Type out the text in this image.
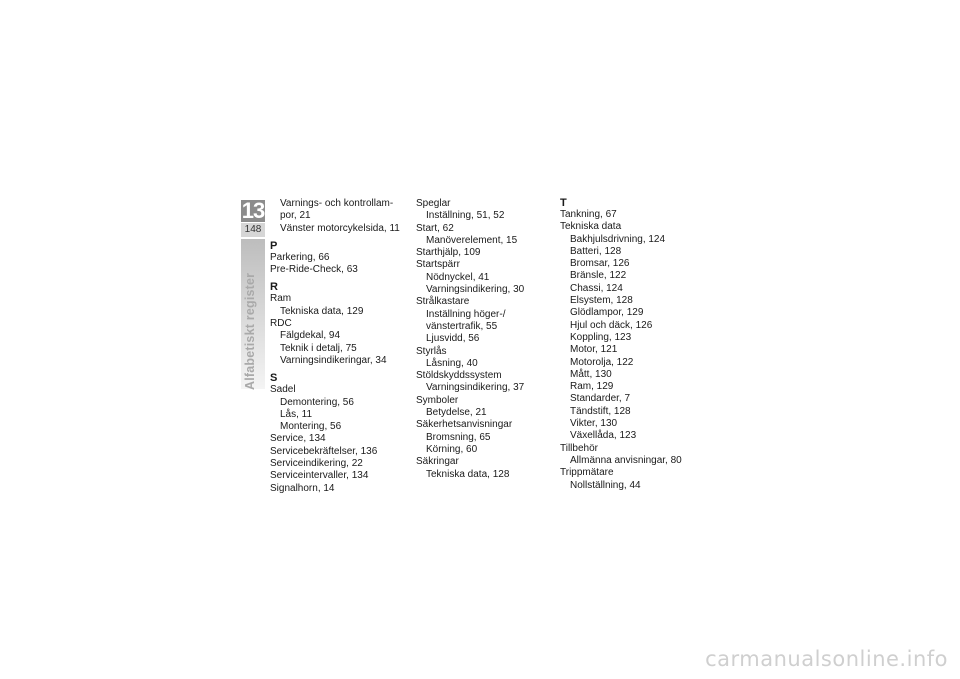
13
148
Alfabetiskt register
Varnings- och kontrollam-
por, 21
Vänster motorcykelsida, 11
P
Parkering, 66
Pre-Ride-Check, 63
R
Ram
Tekniska data, 129
RDC
Fälgdekal, 94
Teknik i detalj, 75
Varningsindikeringar, 34
S
Sadel
Demontering, 56
Lås, 11
Montering, 56
Service, 134
Servicebekräftelser, 136
Serviceindikering, 22
Serviceintervaller, 134
Signalhorn, 14
Speglar
Inställning, 51, 52
Start, 62
Manöverelement, 15
Starthjälp, 109
Startspärr
Nödnyckel, 41
Varningsindikering, 30
Strålkastare
Inställning höger-/
vänstertrafik, 55
Ljusvidd, 56
Styrlås
Låsning, 40
Stöldskyddssystem
Varningsindikering, 37
Symboler
Betydelse, 21
Säkerhetsanvisningar
Bromsning, 65
Körning, 60
Säkringar
Tekniska data, 128
T
Tankning, 67
Tekniska data
Bakhjulsdrivning, 124
Batteri, 128
Bromsar, 126
Bränsle, 122
Chassi, 124
Elsystem, 128
Glödlampor, 129
Hjul och däck, 126
Koppling, 123
Motor, 121
Motorolja, 122
Mått, 130
Ram, 129
Standarder, 7
Tändstift, 128
Vikter, 130
Växellåda, 123
Tillbehör
Allmänna anvisningar, 80
Trippmätare
Nollställning, 44
carmanualsonline.info
